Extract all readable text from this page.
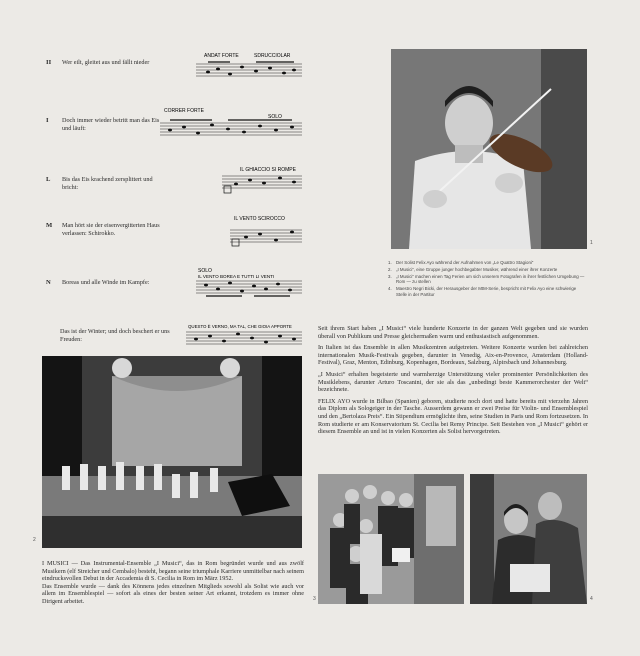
II Wer eilt, gleitet aus und fällt nieder
ANDAT FORTE	SDRUCCIOLAR
I Doch immer wieder betritt man das Eis und läuft:
CORRER FORTE
SOLO
L Bis das Eis krachend zersplittert und bricht:
IL GHIACCIO SI ROMPE
M Man hört sie der eisenvergitterten Haus verlassen: Schirokko.
IL VENTO SCIROCCO
N Boreas und alle Winde im Kampfe:
SOLO
IL VENTO BOREA E TUTTI LI VENTI
Das ist der Winter; und doch beschert er uns Freuden:
QUESTO È VERNO, MA TAL, CHE GIOIA APPORTE
1
1. Der Solist Felix Ayo während der Aufnahmen von „Le Quattro Stagioni“
2. „I Musici“, eine Gruppe junger hochbegabter Musiker, während einer ihrer Konzerte
3. „I Musici“ machen einen Tag Ferien um sich unserem Fotografen in ihrer festlichen Umgebung — Rom — zu stellen
4. Maestro Negri Bicki, der Herausgeber der MtM-Serie, bespricht mit Felix Ayo eine schwierige Stelle in der Partitur

Seit ihrem Start haben „I Musici“ viele hunderte Konzerte in der ganzen Welt gegeben und sie wurden überall von Publikum und Presse gleichermaßen warm und enthusiastisch aufgenommen.

In Italien ist das Ensemble in allen Musikzentren aufgetreten. Weitere Konzerte wurden bei zahlreichen internationalen Musik-Festivals gegeben, darunter in Venedig, Aix-en-Provence, Amsterdam (Holland-Festival), Graz, Menton, Edinburg, Kopenhagen, Bordeaux, Salzburg, Alpirsbach und Johannesburg.

„I Musici“ erhalten begeisterte und warmherzige Unterstützung vieler prominenter Persönlichkeiten des Musiklebens, darunter Arturo Toscanini, der sie als das „unbedingt beste Kammerorchester der Welt“ bezeichnete.

FELIX AYO wurde in Bilbao (Spanien) geboren, studierte noch dort und hatte bereits mit vierzehn Jahren das Diplom als Sologeiger in der Tasche. Ausserdem gewann er zwei Preise für Violin- und Ensemblespiel und den „Bertolaza Preis“. Ein Stipendium ermöglichte ihm, seine Studien in Paris und Rom fortzusetzen. In Rom studierte er am Konservatorium St. Cecilia bei Remy Principe. Seit Bestehen von „I Musici“ gehört er diesem Ensemble an und ist in vielen Konzerten als Solist hervorgetreten.

2

I MUSICI — Das Instrumental-Ensemble „I Musici“, das in Rom begründet wurde und aus zwölf Musikern (elf Streicher und Cembalo) besteht, begann seine triumphale Karriere unmittelbar nach seinem eindrucksvollen Debut in der Accademia di S. Cecilia in Rom im März 1952.

Das Ensemble wurde — dank des Könnens jedes einzelnen Mitglieds sowohl als Solist wie auch vor allem im Ensemblespiel — sofort als eines der besten seiner Art erkannt, trotzdem es immer ohne Dirigent arbeitet.	3	4
